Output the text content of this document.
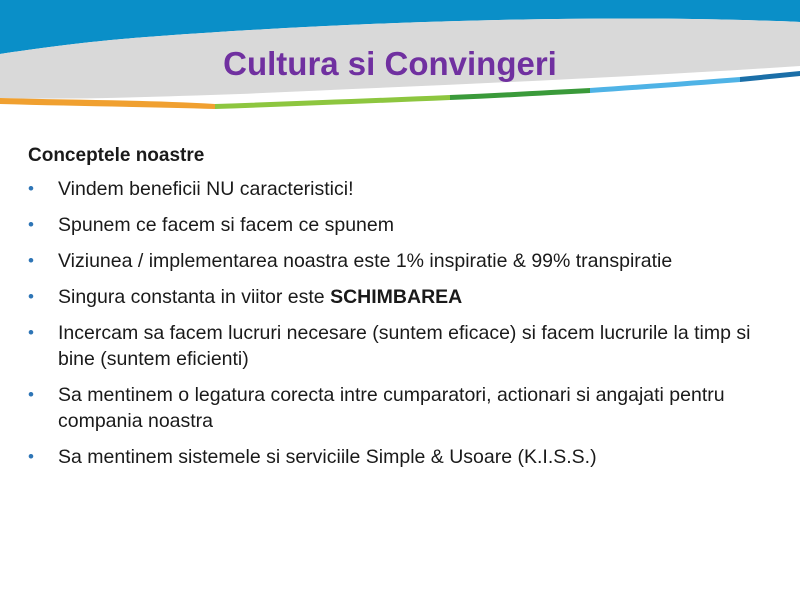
Cultura si Convingeri

Conceptele noastre

• Vindem beneficii NU caracteristici!
• Spunem ce facem si facem ce spunem
• Viziunea / implementarea noastra este 1% inspiratie & 99% transpiratie
• Singura constanta in viitor este SCHIMBAREA
• Incercam sa facem lucruri necesare (suntem eficace) si facem lucrurile la timp si bine (suntem eficienti)
• Sa mentinem o legatura corecta intre cumparatori, actionari si angajati pentru compania noastra
• Sa mentinem sistemele si serviciile Simple & Usoare (K.I.S.S.)
